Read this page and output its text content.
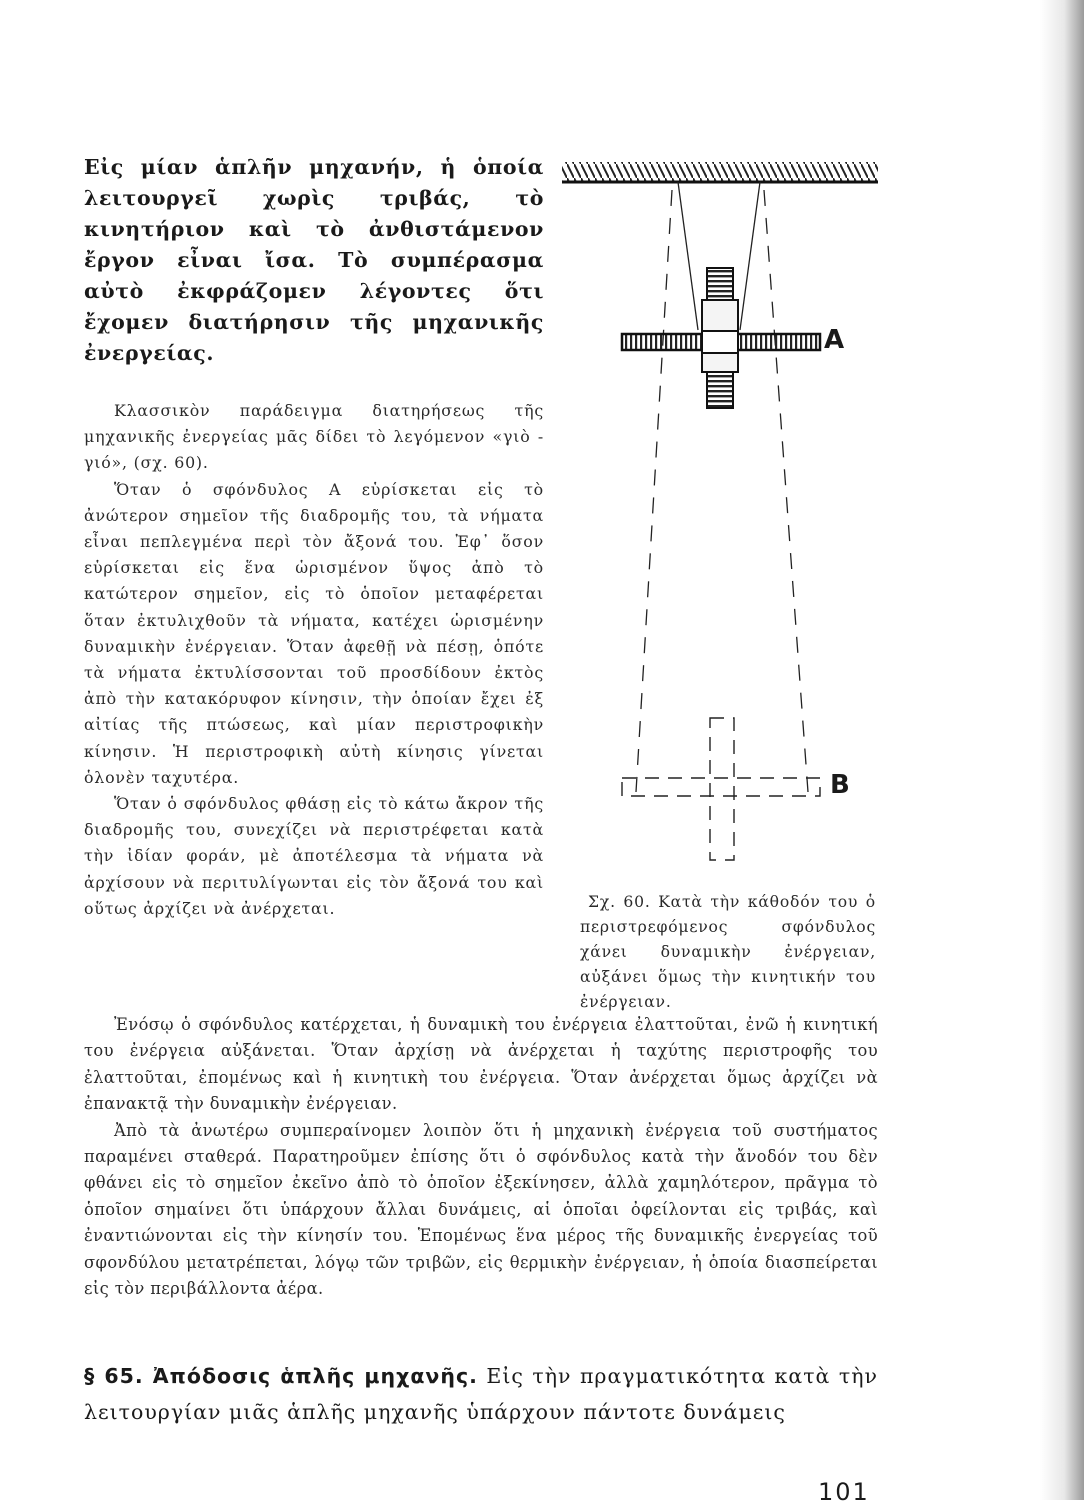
Εἰς μίαν ἁπλῆν μηχανήν, ἡ ὁποία λειτουργεῖ χωρὶς τριβάς, τὸ κινητήριον καὶ τὸ ἀνθιστάμενον ἔργον εἶναι ἴσα. Τὸ συμπέρασμα αὐτὸ ἐκφράζομεν λέγοντες ὅτι ἔχομεν διατήρησιν τῆς μηχανικῆς ἐνεργείας.

Κλασσικὸν παράδειγμα διατηρήσεως τῆς μηχανικῆς ἐνεργείας μᾶς δίδει τὸ λεγόμενον «γιὸ - γιό», (σχ. 60).

Ὅταν ὁ σφόνδυλος Α εὑρίσκεται εἰς τὸ ἀνώτερον σημεῖον τῆς διαδρομῆς του, τὰ νήματα εἶναι πεπλεγμένα περὶ τὸν ἄξονά του. Ἐφ᾽ ὅσον εὑρίσκεται εἰς ἕνα ὡρισμένον ὕψος ἀπὸ τὸ κατώτερον σημεῖον, εἰς τὸ ὁποῖον μεταφέρεται ὅταν ἐκτυλιχθοῦν τὰ νήματα, κατέχει ὡρισμένην δυναμικὴν ἐνέργειαν. Ὅταν ἀφεθῇ νὰ πέσῃ, ὁπότε τὰ νήματα ἐκτυλίσσονται τοῦ προσδίδουν ἐκτὸς ἀπὸ τὴν κατακόρυφον κίνησιν, τὴν ὁποίαν ἔχει ἐξ αἰτίας τῆς πτώσεως, καὶ μίαν περιστροφικὴν κίνησιν. Ἡ περιστροφικὴ αὐτὴ κίνησις γίνεται ὁλονὲν ταχυτέρα.

Ὅταν ὁ σφόνδυλος φθάσῃ εἰς τὸ κάτω ἄκρον τῆς διαδρομῆς του, συνεχίζει νὰ περιστρέφεται κατὰ τὴν ἰδίαν φοράν, μὲ ἀποτέλεσμα τὰ νήματα νὰ ἀρχίσουν νὰ περιτυλίγωνται εἰς τὸν ἄξονά του καὶ οὕτως ἀρχίζει νὰ ἀνέρχεται.

Ἐνόσῳ ὁ σφόνδυλος κατέρχεται, ἡ δυναμικὴ του ἐνέργεια ἐλαττοῦται, ἐνῶ ἡ κινητική του ἐνέργεια αὐξάνεται. Ὅταν ἀρχίσῃ νὰ ἀνέρχεται ἡ ταχύτης περιστροφῆς του ἐλαττοῦται, ἐπομένως καὶ ἡ κινητικὴ του ἐνέργεια. Ὅταν ἀνέρχεται ὅμως ἀρχίζει νὰ ἐπανακτᾷ τὴν δυναμικὴν ἐνέργειαν.

Ἀπὸ τὰ ἀνωτέρω συμπεραίνομεν λοιπὸν ὅτι ἡ μηχανικὴ ἐνέργεια τοῦ συστήματος παραμένει σταθερά. Παρατηροῦμεν ἐπίσης ὅτι ὁ σφόνδυλος κατὰ τὴν ἄνοδόν του δὲν φθάνει εἰς τὸ σημεῖον ἐκεῖνο ἀπὸ τὸ ὁποῖον ἐξεκίνησεν, ἀλλὰ χαμηλότερον, πρᾶγμα τὸ ὁποῖον σημαίνει ὅτι ὑπάρχουν ἄλλαι δυνάμεις, αἱ ὁποῖαι ὀφείλονται εἰς τριβάς, καὶ ἐναντιώνονται εἰς τὴν κίνησίν του. Ἑπομένως ἕνα μέρος τῆς δυναμικῆς ἐνεργείας τοῦ σφονδύλου μετατρέπεται, λόγῳ τῶν τριβῶν, εἰς θερμικὴν ἐνέργειαν, ἡ ὁποία διασπείρεται εἰς τὸν περιβάλλοντα ἀέρα.

§ 65. Ἀπόδοσις ἁπλῆς μηχανῆς. Εἰς τὴν πραγματικότητα κατὰ τὴν λειτουργίαν μιᾶς ἁπλῆς μηχανῆς ὑπάρχουν πάντοτε δυνάμεις
A
B
Σχ. 60. Κατὰ τὴν κάθοδόν του ὁ περιστρεφόμενος σφόνδυλος χάνει δυναμικὴν ἐνέργειαν, αὐξάνει ὅμως τὴν κινητικήν του ἐνέργειαν.
101
